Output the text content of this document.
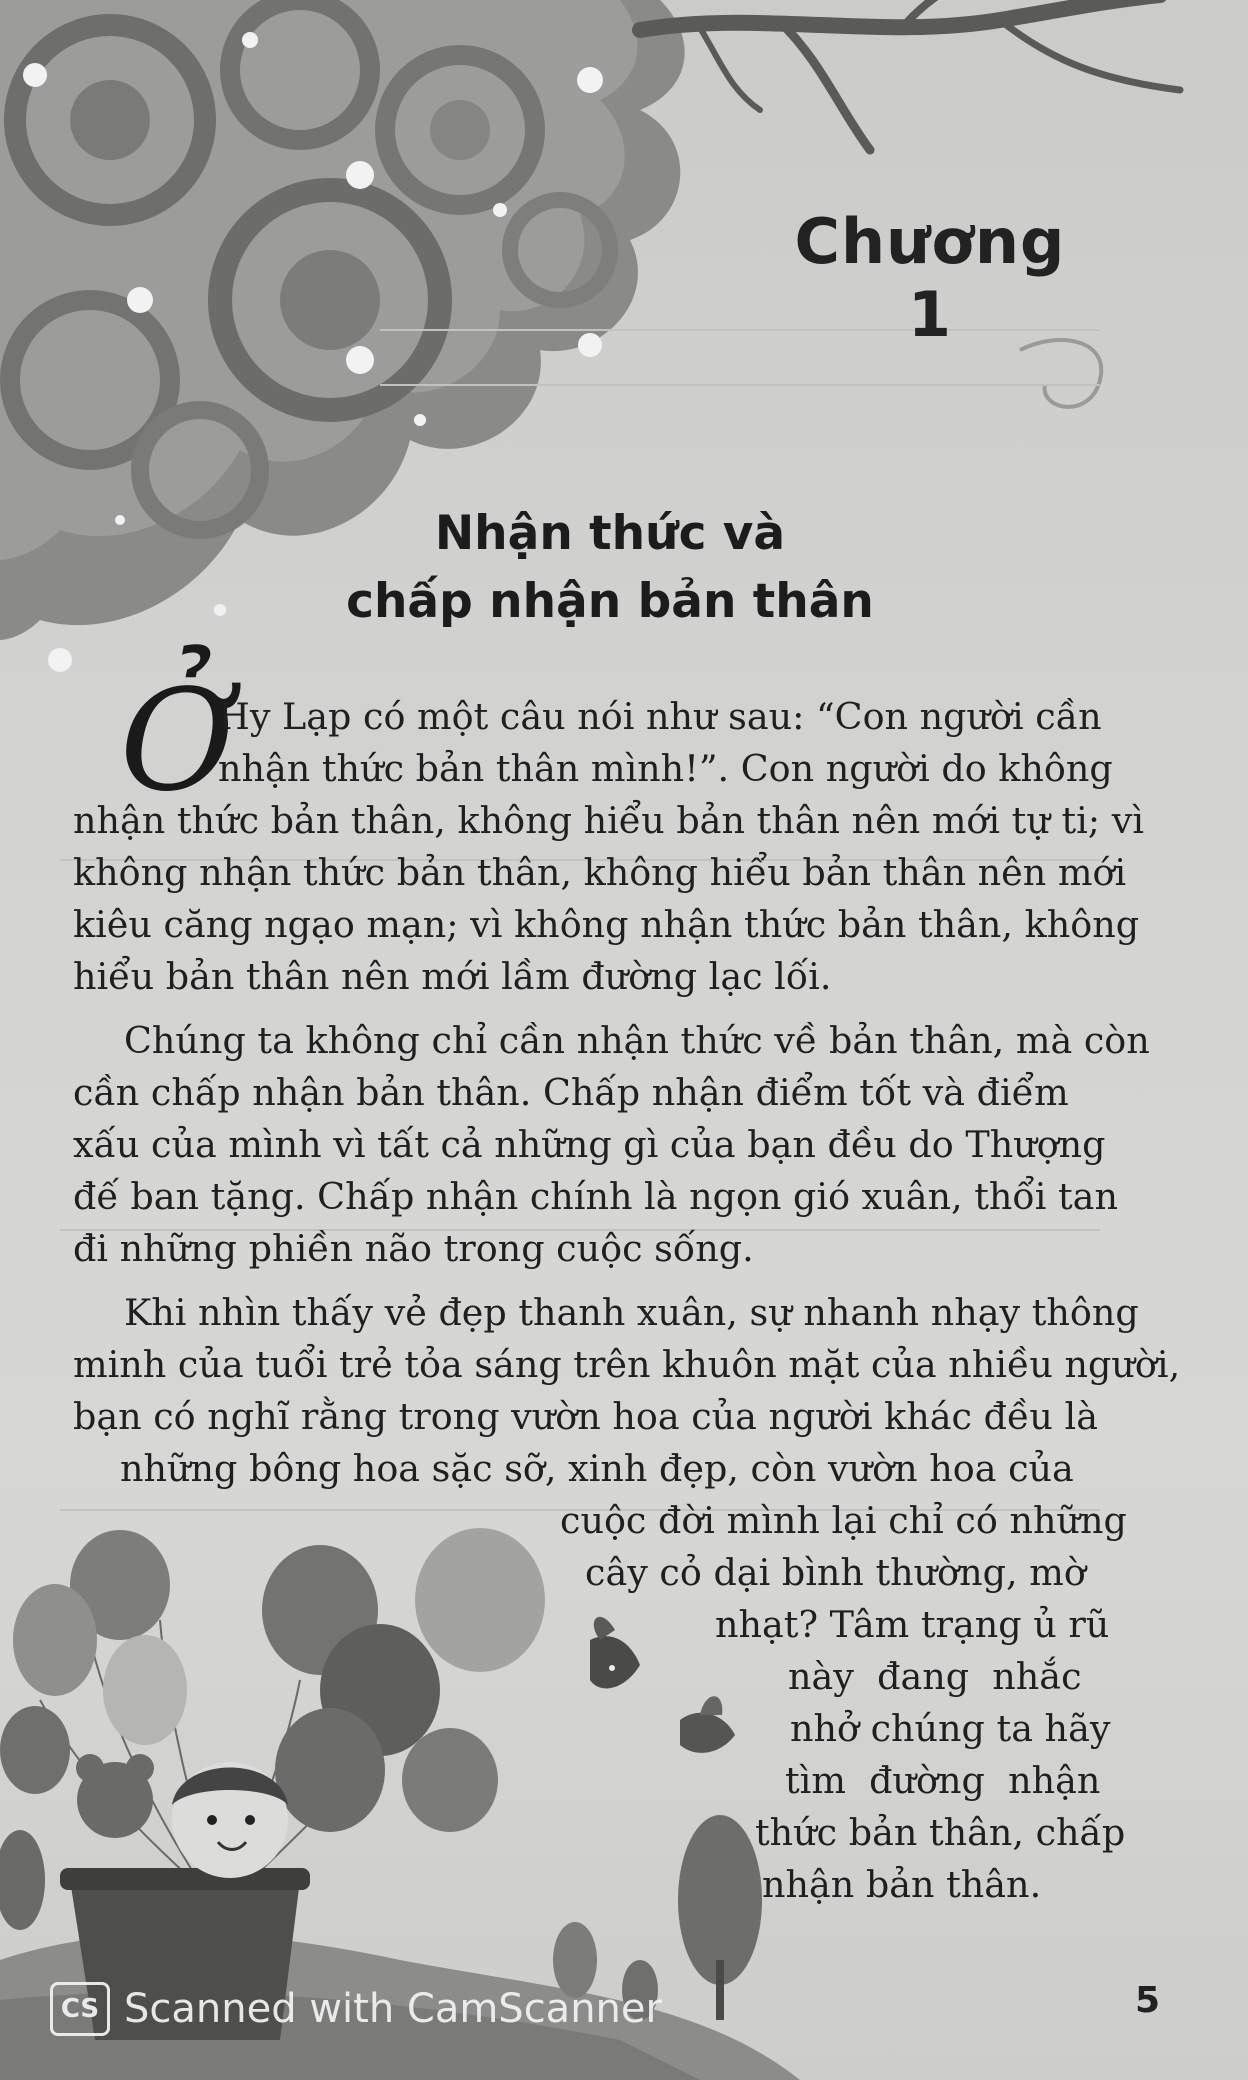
Chương 1
Nhận thức và
chấp nhận bản thân
Ở
Hy Lạp có một câu nói như sau: “Con người cần
nhận thức bản thân mình!”. Con người do không
nhận thức bản thân, không hiểu bản thân nên mới tự ti; vì
không nhận thức bản thân, không hiểu bản thân nên mới
kiêu căng ngạo mạn; vì không nhận thức bản thân, không
hiểu bản thân nên mới lầm đường lạc lối.
Chúng ta không chỉ cần nhận thức về bản thân, mà còn
cần chấp nhận bản thân. Chấp nhận điểm tốt và điểm
xấu của mình vì tất cả những gì của bạn đều do Thượng
đế ban tặng. Chấp nhận chính là ngọn gió xuân, thổi tan
đi những phiền não trong cuộc sống.
Khi nhìn thấy vẻ đẹp thanh xuân, sự nhanh nhạy thông
minh của tuổi trẻ tỏa sáng trên khuôn mặt của nhiều người,
bạn có nghĩ rằng trong vườn hoa của người khác đều là
những bông hoa sặc sỡ, xinh đẹp, còn vườn hoa của
cuộc đời mình lại chỉ có những
cây cỏ dại bình thường, mờ
nhạt? Tâm trạng ủ rũ
này  đang  nhắc
nhở chúng ta hãy
tìm  đường  nhận
thức bản thân, chấp
nhận bản thân.
5
CS Scanned with CamScanner
